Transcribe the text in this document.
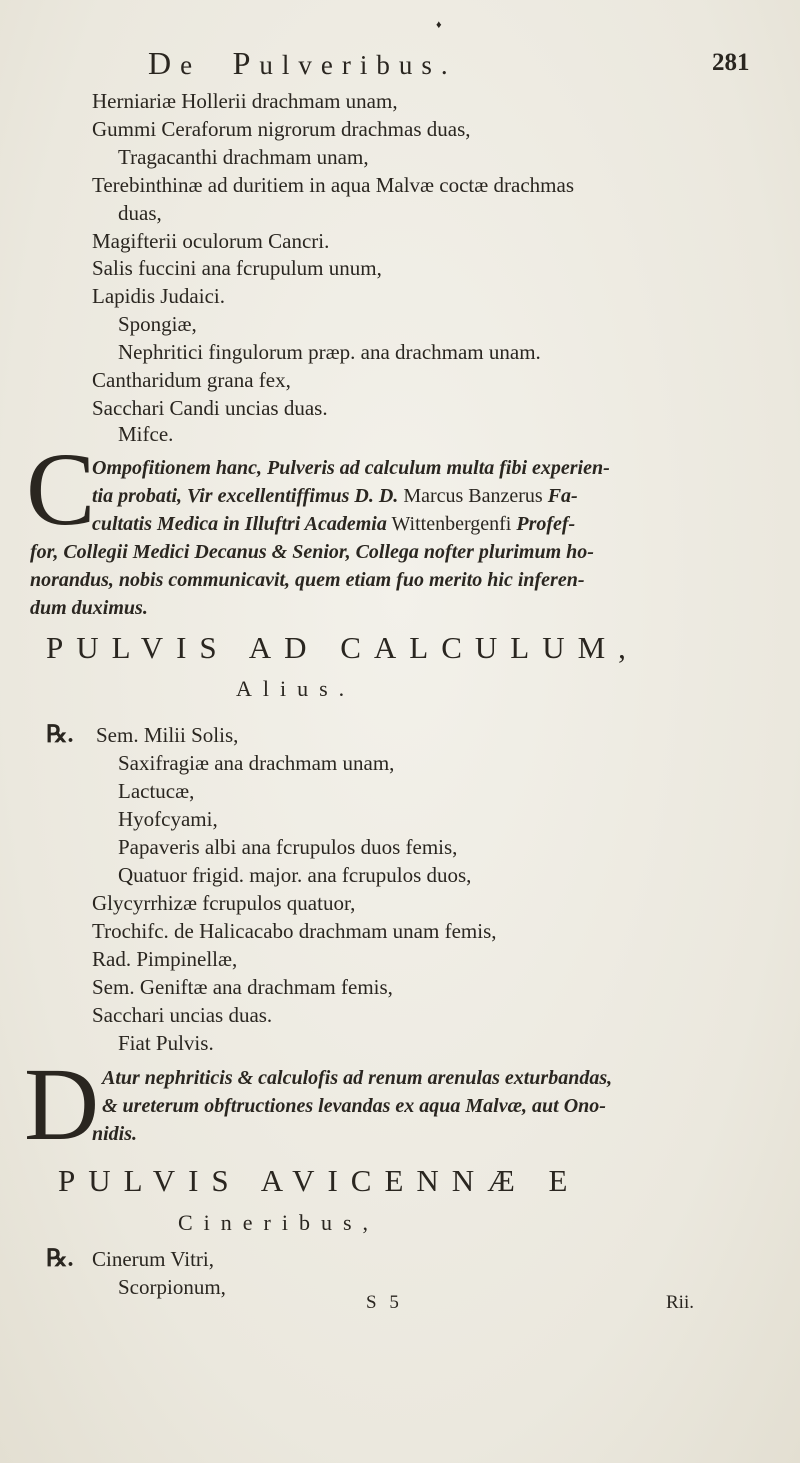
♦
De Pulveribus.	281
Herniariæ Hollerii drachmam unam,
Gummi Ceraforum nigrorum drachmas duas,
Tragacanthi drachmam unam,
Terebinthinæ ad duritiem in aqua Malvæ coctæ drachmas
duas,
Magifterii oculorum Cancri.
Salis fuccini ana fcrupulum unum,
Lapidis Judaici.
Spongiæ,
Nephritici fingulorum præp. ana drachmam unam.
Cantharidum grana fex,
Sacchari Candi uncias duas.
Mifce.
C
Ompofitionem hanc, Pulveris ad calculum multa fibi experien-
tia probati, Vir excellentiffimus D. D. Marcus Banzerus Fa-
cultatis Medica in Illuftri Academia Wittenbergenfi Profef-
for, Collegii Medici Decanus & Senior, Collega nofter plurimum ho-
norandus, nobis communicavit, quem etiam fuo merito hic inferen-
dum duximus.
PULVIS AD CALCULUM,
Alius.
℞. Sem. Milii Solis,
Saxifragiæ ana drachmam unam,
Lactucæ,
Hyofcyami,
Papaveris albi ana fcrupulos duos femis,
Quatuor frigid. major. ana fcrupulos duos,
Glycyrrhizæ fcrupulos quatuor,
Trochifc. de Halicacabo drachmam unam femis,
Rad. Pimpinellæ,
Sem. Geniftæ ana drachmam femis,
Sacchari uncias duas.
Fiat Pulvis.
D Atur nephriticis & calculofis ad renum arenulas exturbandas,
& ureterum obftructiones levandas ex aqua Malvæ, aut Ono-
nidis.
PULVIS AVICENNÆ E
Cineribus,
℞. Cinerum Vitri,
Scorpionum,
S 5	Rii.
